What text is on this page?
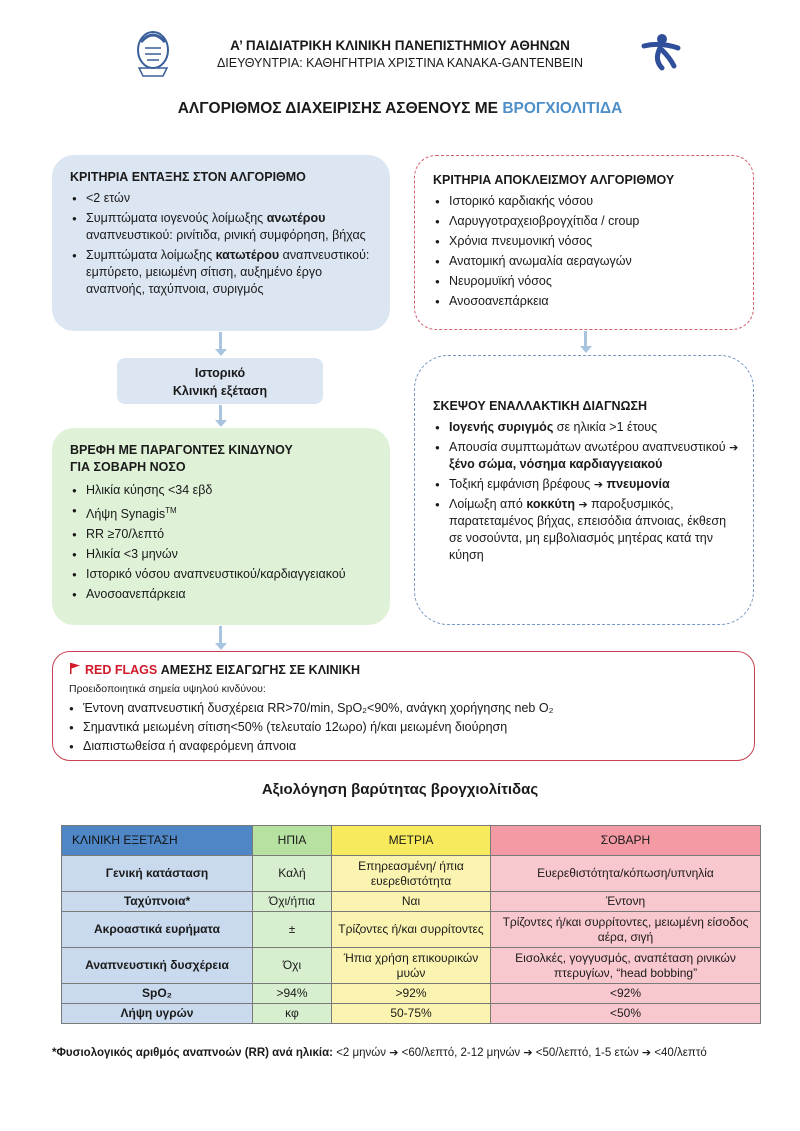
Α’ ΠΑΙΔΙΑΤΡΙΚΗ ΚΛΙΝΙΚΗ ΠΑΝΕΠΙΣΤΗΜΙΟΥ ΑΘΗΝΩΝ
ΔΙΕΥΘΥΝΤΡΙΑ: ΚΑΘΗΓΗΤΡΙΑ ΧΡΙΣΤΙΝΑ ΚΑΝΑΚΑ-GANTENBEIN
ΑΛΓΟΡΙΘΜΟΣ ΔΙΑΧΕΙΡΙΣΗΣ ΑΣΘΕΝΟΥΣ ΜΕ ΒΡΟΓΧΙΟΛΙΤΙΔΑ
ΚΡΙΤΗΡΙΑ ΕΝΤΑΞΗΣ ΣΤΟΝ ΑΛΓΟΡΙΘΜΟ
● <2 ετών
● Συμπτώματα ιογενούς λοίμωξης ανωτέρου αναπνευστικού: ρινίτιδα, ρινική συμφόρηση, βήχας
● Συμπτώματα λοίμωξης κατωτέρου αναπνευστικού: εμπύρετο, μειωμένη σίτιση, αυξημένο έργο αναπνοής, ταχύπνοια, συριγμός
ΚΡΙΤΗΡΙΑ ΑΠΟΚΛΕΙΣΜΟΥ ΑΛΓΟΡΙΘΜΟΥ
● Ιστορικό καρδιακής νόσου
● Λαρυγγοτραχειοβρογχίτιδα / croup
● Χρόνια πνευμονική νόσος
● Ανατομική ανωμαλία αεραγωγών
● Νευρομυϊκή νόσος
● Ανοσοανεπάρκεια
Ιστορικό
Κλινική εξέταση
ΒΡΕΦΗ ΜΕ ΠΑΡΑΓΟΝΤΕΣ ΚΙΝΔΥΝΟΥ
ΓΙΑ ΣΟΒΑΡΗ ΝΟΣΟ
● Ηλικία κύησης <34 εβδ
● Λήψη Synagis™
● RR ≥70/λεπτό
● Ηλικία <3 μηνών
● Ιστορικό νόσου αναπνευστικού/καρδιαγγειακού
● Ανοσοανεπάρκεια
ΣΚΕΨΟΥ ΕΝΑΛΛΑΚΤΙΚΗ ΔΙΑΓΝΩΣΗ
● Ιογενής συριγμός σε ηλικία >1 έτους
● Απουσία συμπτωμάτων ανωτέρου αναπνευστικού ➔ ξένο σώμα, νόσημα καρδιαγγειακού
● Τοξική εμφάνιση βρέφους ➔ πνευμονία
● Λοίμωξη από κοκκύτη ➔ παροξυσμικός, παρατεταμένος βήχας, επεισόδια άπνοιας, έκθεση σε νοσούντα, μη εμβολιασμός μητέρας κατά την κύηση
RED FLAGS ΑΜΕΣΗΣ ΕΙΣΑΓΩΓΗΣ ΣΕ ΚΛΙΝΙΚΗ
Προειδοποιητικά σημεία υψηλού κινδύνου:
● Έντονη αναπνευστική δυσχέρεια RR>70/min, SpO₂<90%, ανάγκη χορήγησης neb O₂
● Σημαντικά μειωμένη σίτιση<50% (τελευταίο 12ωρο) ή/και μειωμένη διούρηση
● Διαπιστωθείσα ή αναφερόμενη άπνοια
Αξιολόγηση βαρύτητας βρογχιολίτιδας
ΚΛΙΝΙΚΗ ΕΞΕΤΑΣΗ	ΗΠΙΑ	ΜΕΤΡΙΑ	ΣΟΒΑΡΗ
Γενική κατάσταση	Καλή	Επηρεασμένη/ ήπια ευερεθιστότητα	Ευερεθιστότητα/κόπωση/υπνηλία
Ταχύπνοια*	Όχι/ήπια	Ναι	Έντονη
Ακροαστικά ευρήματα	±	Τρίζοντες ή/και συρρίτοντες	Τρίζοντες ή/και συρρίτοντες, μειωμένη είσοδος αέρα, σιγή
Αναπνευστική δυσχέρεια	Όχι	Ήπια χρήση επικουρικών μυών	Εισολκές, γογγυσμός, αναπέταση ρινικών πτερυγίων, “head bobbing”
SpO₂	>94%	>92%	<92%
Λήψη υγρών	κφ	50-75%	<50%
*Φυσιολογικός αριθμός αναπνοών (RR) ανά ηλικία: <2 μηνών ➔ <60/λεπτό, 2-12 μηνών ➔ <50/λεπτό, 1-5 ετών ➔ <40/λεπτό
